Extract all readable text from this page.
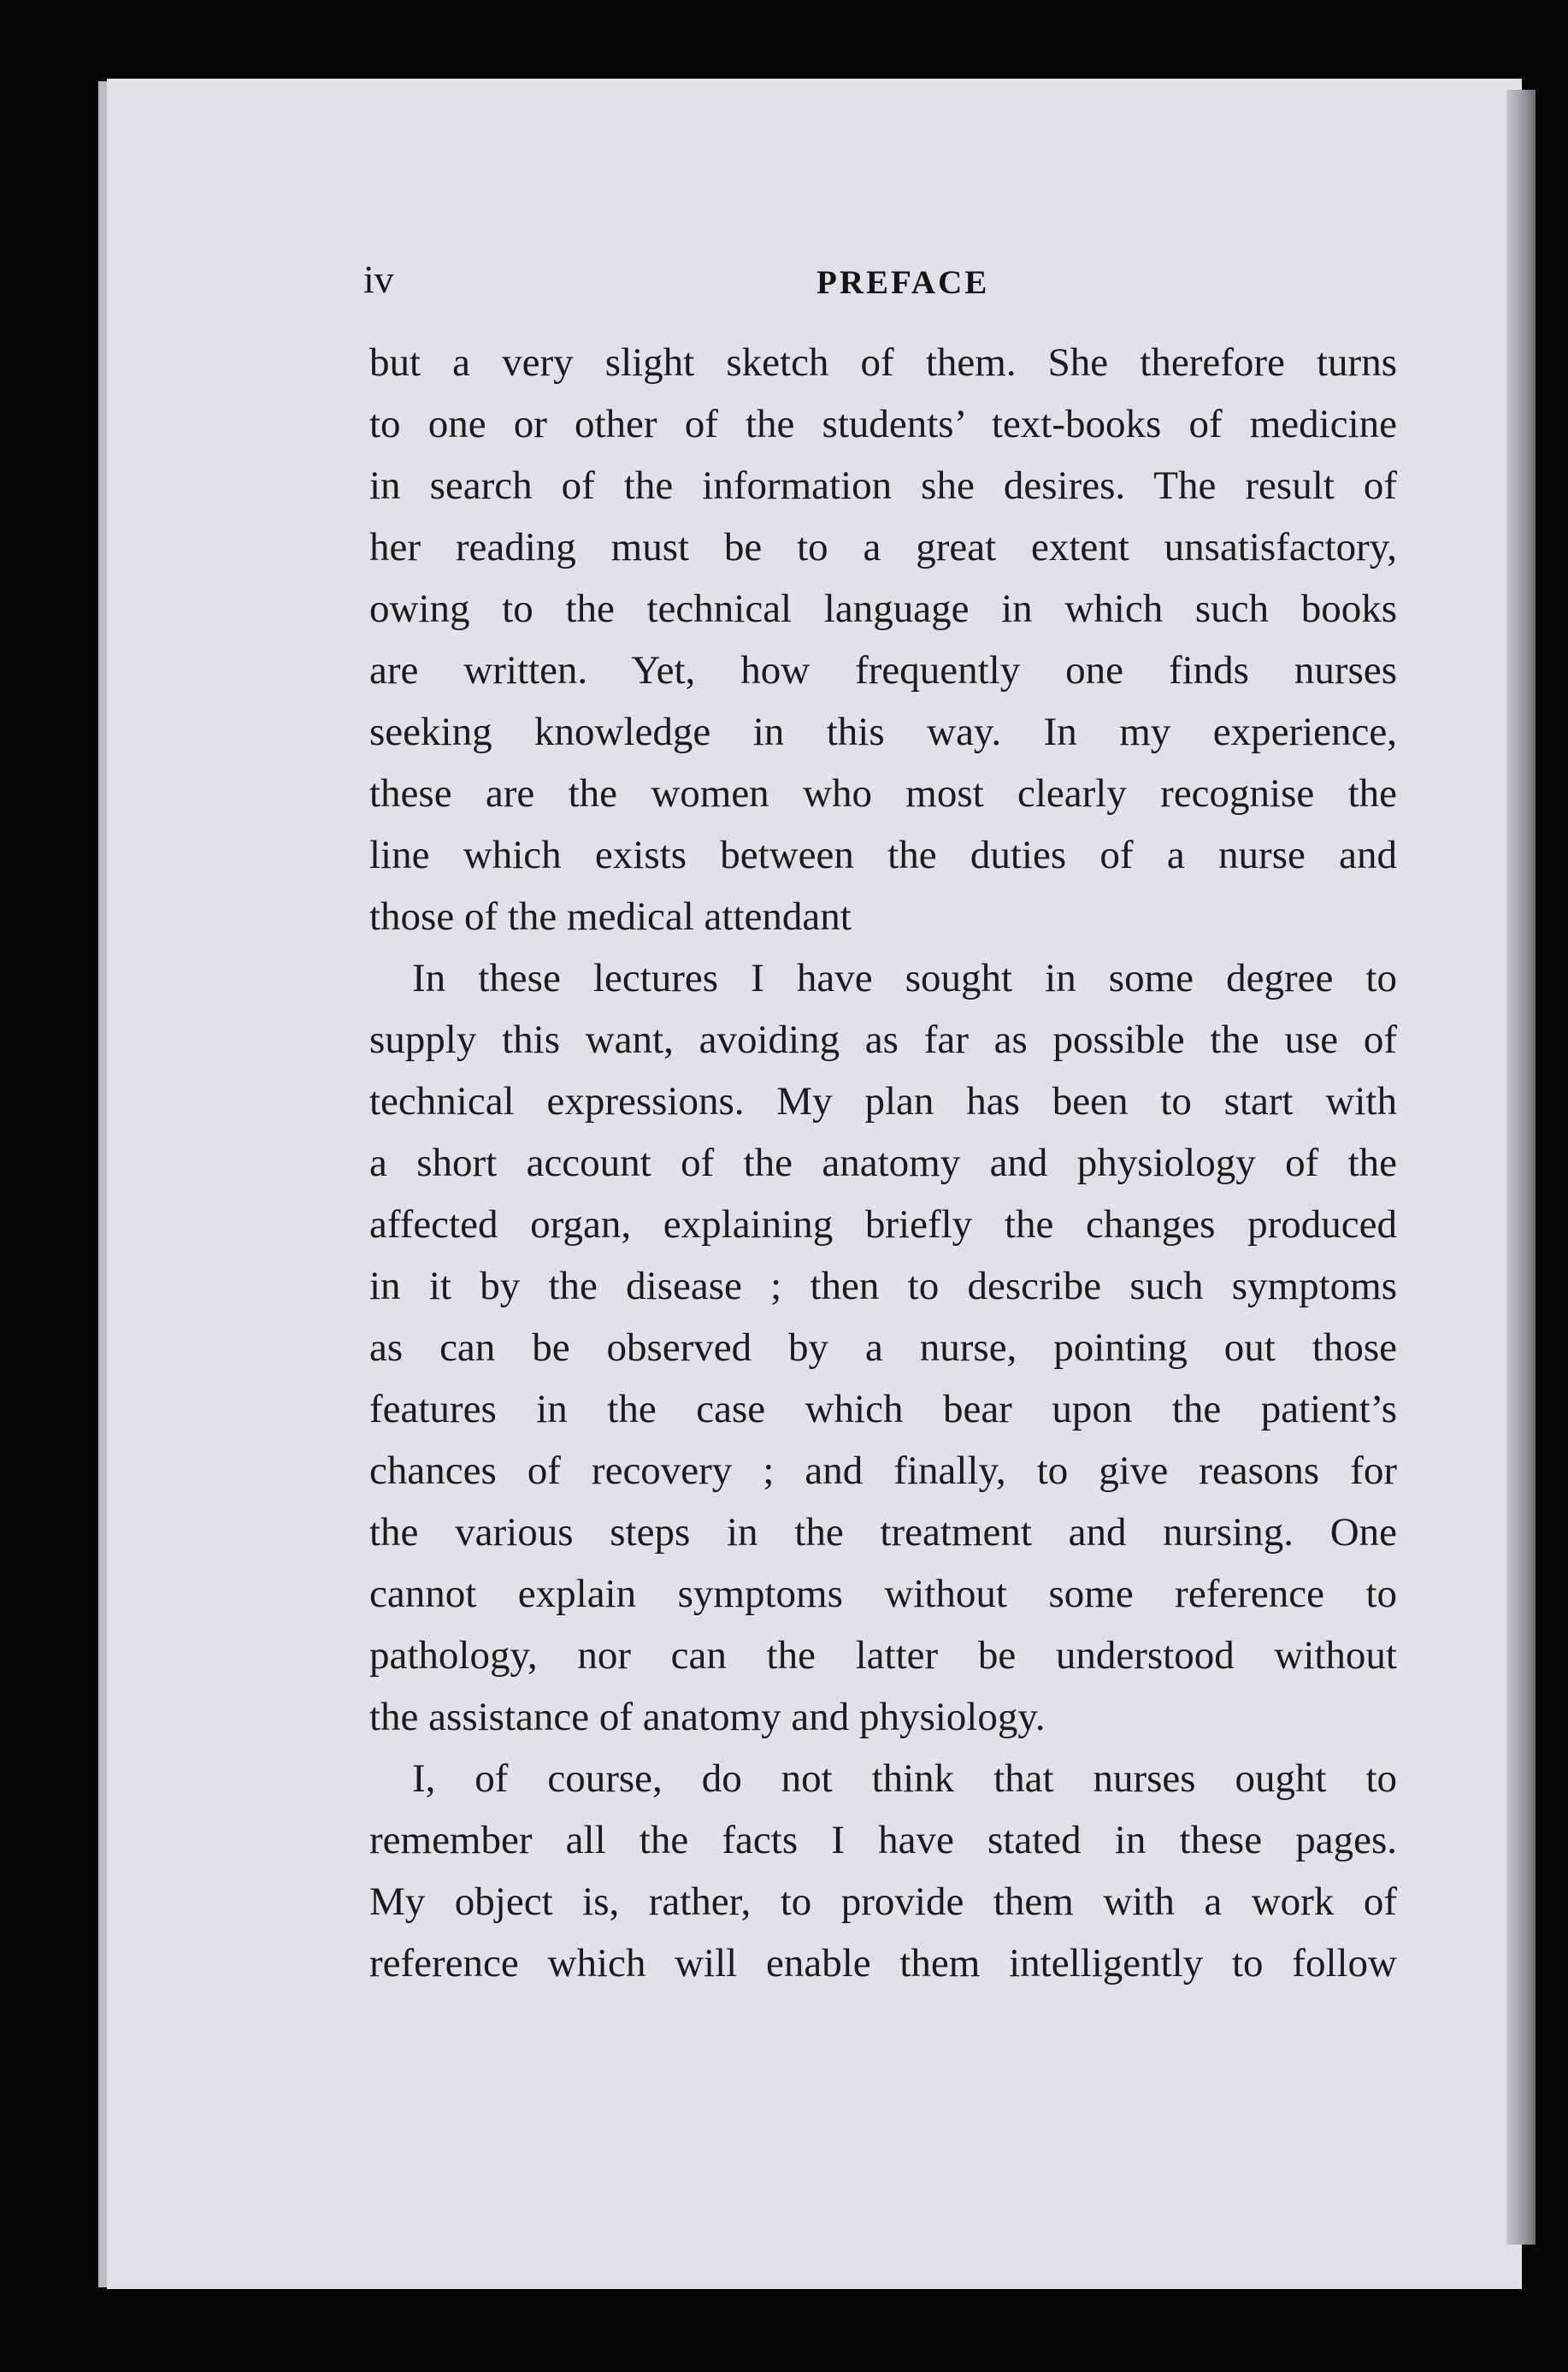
iv	PREFACE
but a very slight sketch of them. She therefore turns
to one or other of the students’ text-books of medicine
in search of the information she desires. The result of
her reading must be to a great extent unsatisfactory,
owing to the technical language in which such books
are written. Yet, how frequently one finds nurses
seeking knowledge in this way. In my experience,
these are the women who most clearly recognise the
line which exists between the duties of a nurse and
those of the medical attendant
In these lectures I have sought in some degree to
supply this want, avoiding as far as possible the use of
technical expressions. My plan has been to start with
a short account of the anatomy and physiology of the
affected organ, explaining briefly the changes produced
in it by the disease ; then to describe such symptoms
as can be observed by a nurse, pointing out those
features in the case which bear upon the patient’s
chances of recovery ; and finally, to give reasons for
the various steps in the treatment and nursing. One
cannot explain symptoms without some reference to
pathology, nor can the latter be understood without
the assistance of anatomy and physiology.
I, of course, do not think that nurses ought to
remember all the facts I have stated in these pages.
My object is, rather, to provide them with a work of
reference which will enable them intelligently to follow
